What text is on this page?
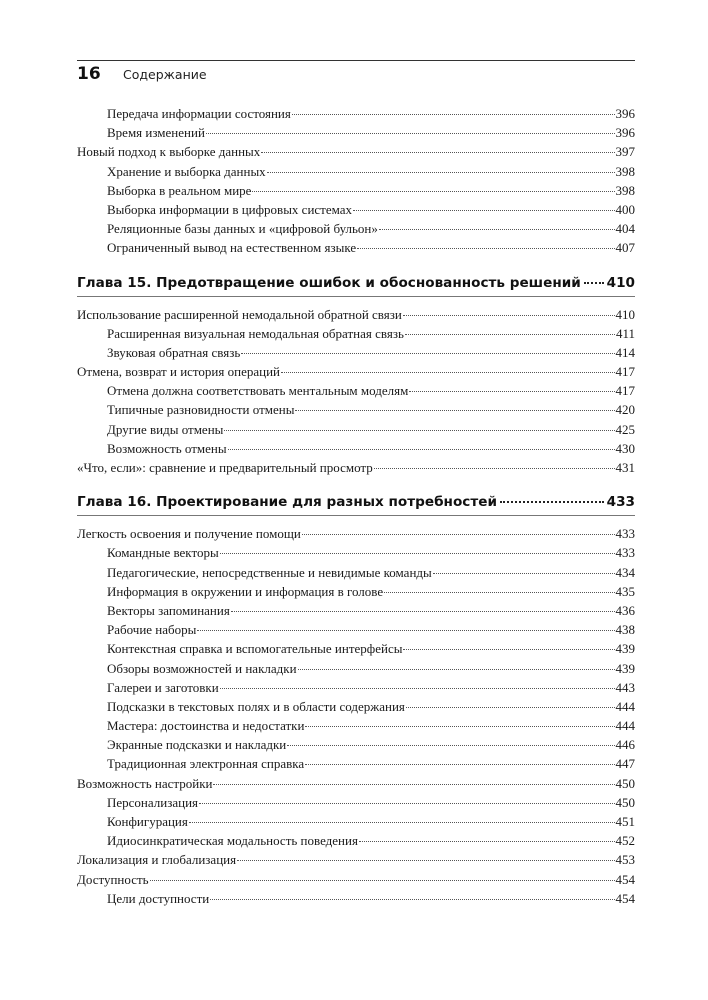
16 Содержание
Передача информации состояния	396
Время изменений	396
Новый подход к выборке данных	397
Хранение и выборка данных	398
Выборка в реальном мире	398
Выборка информации в цифровых системах	400
Реляционные базы данных и «цифровой бульон»	404
Ограниченный вывод на естественном языке	407
Глава 15. Предотвращение ошибок и обоснованность решений 410
Использование расширенной немодальной обратной связи	410
Расширенная визуальная немодальная обратная связь	411
Звуковая обратная связь	414
Отмена, возврат и история операций	417
Отмена должна соответствовать ментальным моделям	417
Типичные разновидности отмены	420
Другие виды отмены	425
Возможность отмены	430
«Что, если»: сравнение и предварительный просмотр	431
Глава 16. Проектирование для разных потребностей	433
Легкость освоения и получение помощи	433
Командные векторы	433
Педагогические, непосредственные и невидимые команды	434
Информация в окружении и информация в голове	435
Векторы запоминания	436
Рабочие наборы	438
Контекстная справка и вспомогательные интерфейсы	439
Обзоры возможностей и накладки	439
Галереи и заготовки	443
Подсказки в текстовых полях и в области содержания	444
Мастера: достоинства и недостатки	444
Экранные подсказки и накладки	446
Традиционная электронная справка	447
Возможность настройки	450
Персонализация	450
Конфигурация	451
Идиосинкратическая модальность поведения	452
Локализация и глобализация	453
Доступность	454
Цели доступности	454
